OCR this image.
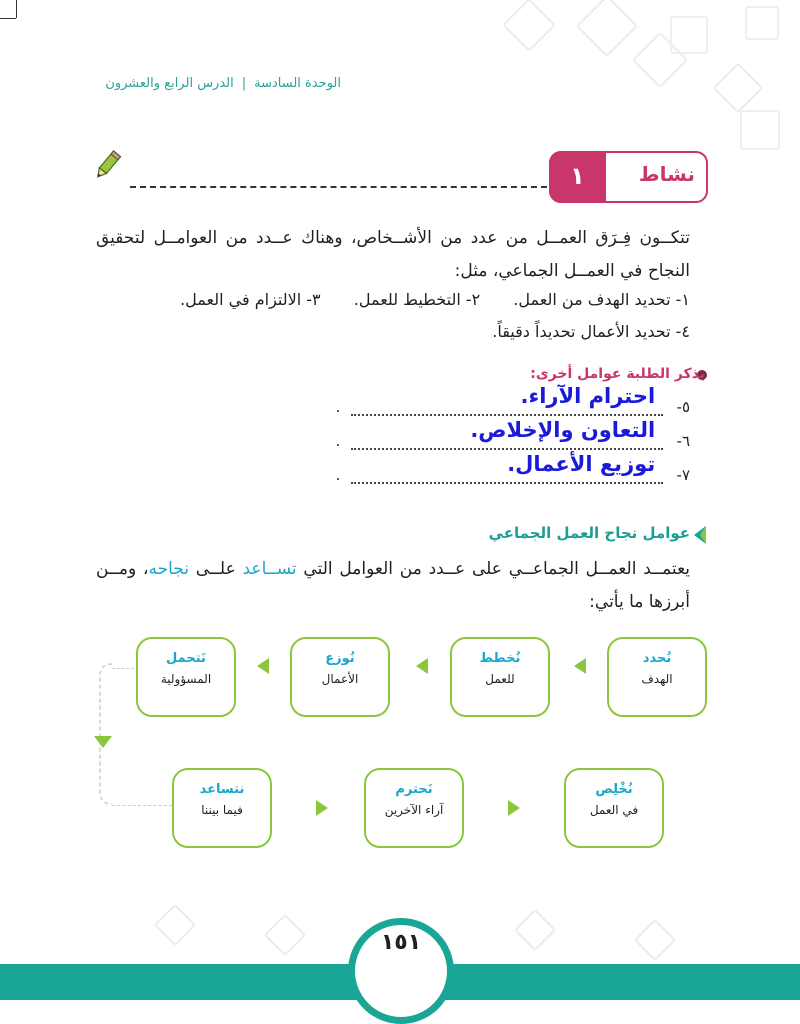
الوحدة السادسة|الدرس الرابع والعشرون
١	نشاط
تتكــون فِـرَق العمــل من عدد من الأشــخاص، وهناك عــدد من العوامــل لتحقيق النجاح في العمــل الجماعي، مثل:
١- تحديد الهدف من العمل. ٢- التخطيط للعمل. ٣- الالتزام في العمل.
٤- تحديد الأعمال تحديداً دقيقاً.
يذكر الطلبة عوامل أخرى:
٥-
احترام الآراء.
.
٦-
التعاون والإخلاص.
.
٧-
توزيع الأعمال.
.
عوامل نجاح العمل الجماعي
يعتمــد العمــل الجماعــي على عــدد من العوامل التي تســاعد علــى نجاحه، ومــن أبرزها ما يأتي:
نُحدد
الهدف
نُخطط
للعمل
نُوزع
الأعمال
نَتحمل
المسؤولية
نتساعد
فيما بيننا
نَحترم
آراء الآخرين
نُخْلِص
في العمل
١٥١
